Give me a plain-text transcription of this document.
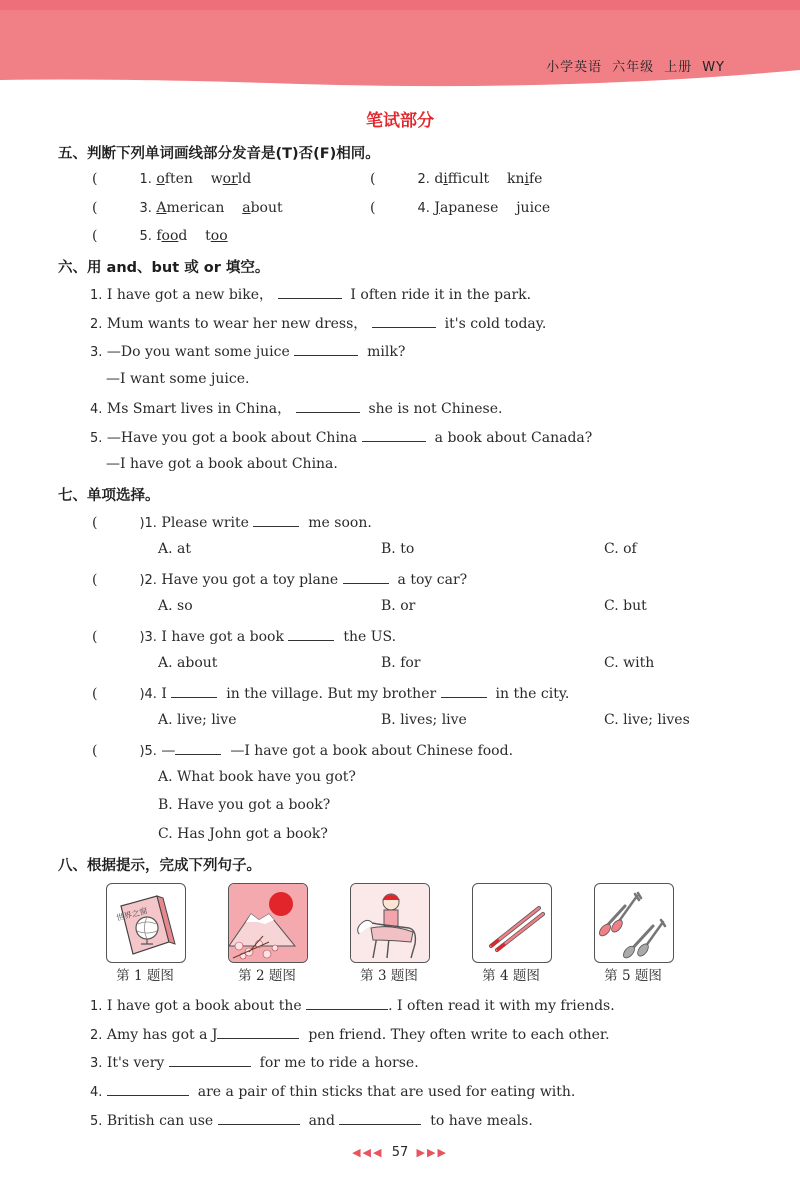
小学英语 六年级 上册 WY
笔试部分
五、判断下列单词画线部分发音是(T)否(F)相同。
(	1. often world	(	2. difficult knife
(	3. American about	(	4. Japanese juice
(	5. food too
六、用 and、but 或 or 填空。
1. I have got a new bike，	I often ride it in the park.
2. Mum wants to wear her new dress，	it's cold today.
3. —Do you want some juice	milk?
—I want some juice.
4. Ms Smart lives in China，	she is not Chinese.
5. —Have you got a book about China	a book about Canada?
—I have got a book about China.
七、单项选择。
(	)1. Please write	me soon.
A. at	B. to	C. of
(	)2. Have you got a toy plane	a toy car?
A. so	B. or	C. but
(	)3. I have got a book	the US.
A. about	B. for	C. with
(	)4. I	in the village. But my brother	in the city.
A. live; live	B. lives; live	C. live; lives
(	)5. —	—I have got a book about Chinese food.
A. What book have you got?
B. Have you got a book?
C. Has John got a book?
八、根据提示，完成下列句子。
世界之窗
第 1 题图	第 2 题图	第 3 题图	第 4 题图	第 5 题图
1. I have got a book about the	. I often read it with my friends.
2. Amy has got a J	pen friend. They often write to each other.
3. It's very	for me to ride a horse.
4.	are a pair of thin sticks that are used for eating with.
5. British can use	and	to have meals.
◀◀◀ 57 ▶▶▶
